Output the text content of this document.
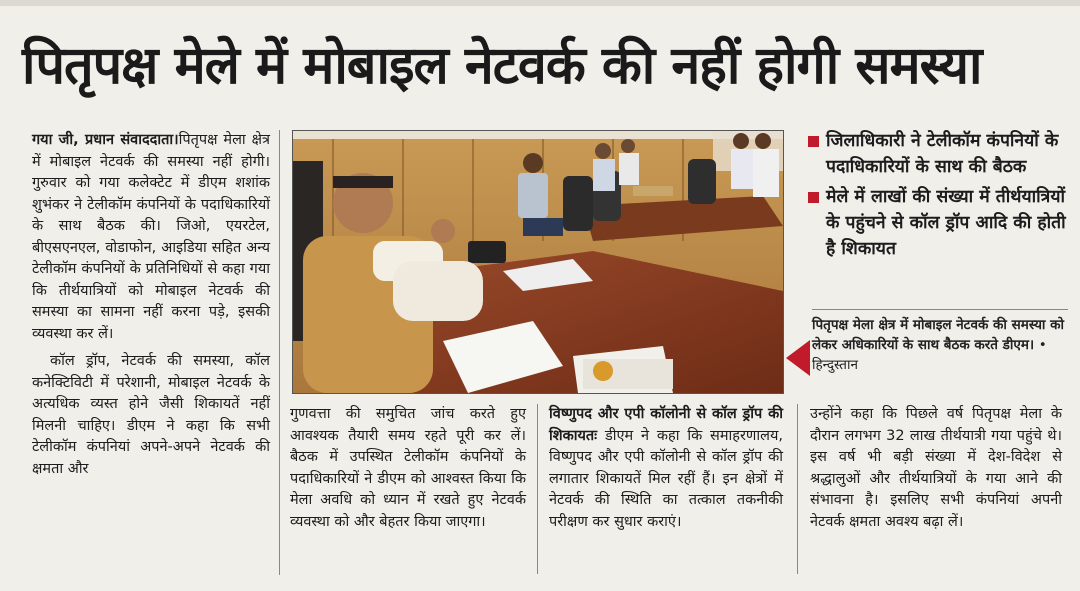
पितृपक्ष मेले में मोबाइल नेटवर्क की नहीं होगी समस्या

गया जी, प्रधान संवाददाता।पितृपक्ष मेला क्षेत्र में मोबाइल नेटवर्क की समस्या नहीं होगी। गुरुवार को गया कलेक्टेट में डीएम शशांक शुभंकर ने टेलीकॉम कंपनियों के पदाधिकारियों के साथ बैठक की। जिओ, एयरटेल, बीएसएनएल, वोडाफोन, आइडिया सहित अन्य टेलीकॉम कंपनियों के प्रतिनिधियों से कहा गया कि तीर्थयात्रियों को मोबाइल नेटवर्क की समस्या का सामना नहीं करना पड़े, इसकी व्यवस्था कर लें।

कॉल ड्रॉप, नेटवर्क की समस्या, कॉल कनेक्टिविटी में परेशानी, मोबाइल नेटवर्क के अत्यधिक व्यस्त होने जैसी शिकायतें नहीं मिलनी चाहिए। डीएम ने कहा कि सभी टेलीकॉम कंपनियां अपने-अपने नेटवर्क की क्षमता और

जिलाधिकारी ने टेलीकॉम कंपनियों के पदाधिकारियों के साथ की बैठक
मेले में लाखों की संख्या में तीर्थयात्रियों के पहुंचने से कॉल ड्रॉप आदि की होती है शिकायत
पितृपक्ष मेला क्षेत्र में मोबाइल नेटवर्क की समस्या को लेकर अधिकारियों के साथ बैठक करते डीएम। • हिन्दुस्तान

गुणवत्ता की समुचित जांच करते हुए आवश्यक तैयारी समय रहते पूरी कर लें। बैठक में उपस्थित टेलीकॉम कंपनियों के पदाधिकारियों ने डीएम को आश्वस्त किया कि मेला अवधि को ध्यान में रखते हुए नेटवर्क व्यवस्था को और बेहतर किया जाएगा।

विष्णुपद और एपी कॉलोनी से कॉल ड्रॉप की शिकायतः डीएम ने कहा कि समाहरणालय, विष्णुपद और एपी कॉलोनी से कॉल ड्रॉप की लगातार शिकायतें मिल रहीं हैं। इन क्षेत्रों में नेटवर्क की स्थिति का तत्काल तकनीकी परीक्षण कर सुधार कराएं।

उन्होंने कहा कि पिछले वर्ष पितृपक्ष मेला के दौरान लगभग 32 लाख तीर्थयात्री गया पहुंचे थे। इस वर्ष भी बड़ी संख्या में देश-विदेश से श्रद्धालुओं और तीर्थयात्रियों के गया आने की संभावना है। इसलिए सभी कंपनियां अपनी नेटवर्क क्षमता अवश्य बढ़ा लें।
